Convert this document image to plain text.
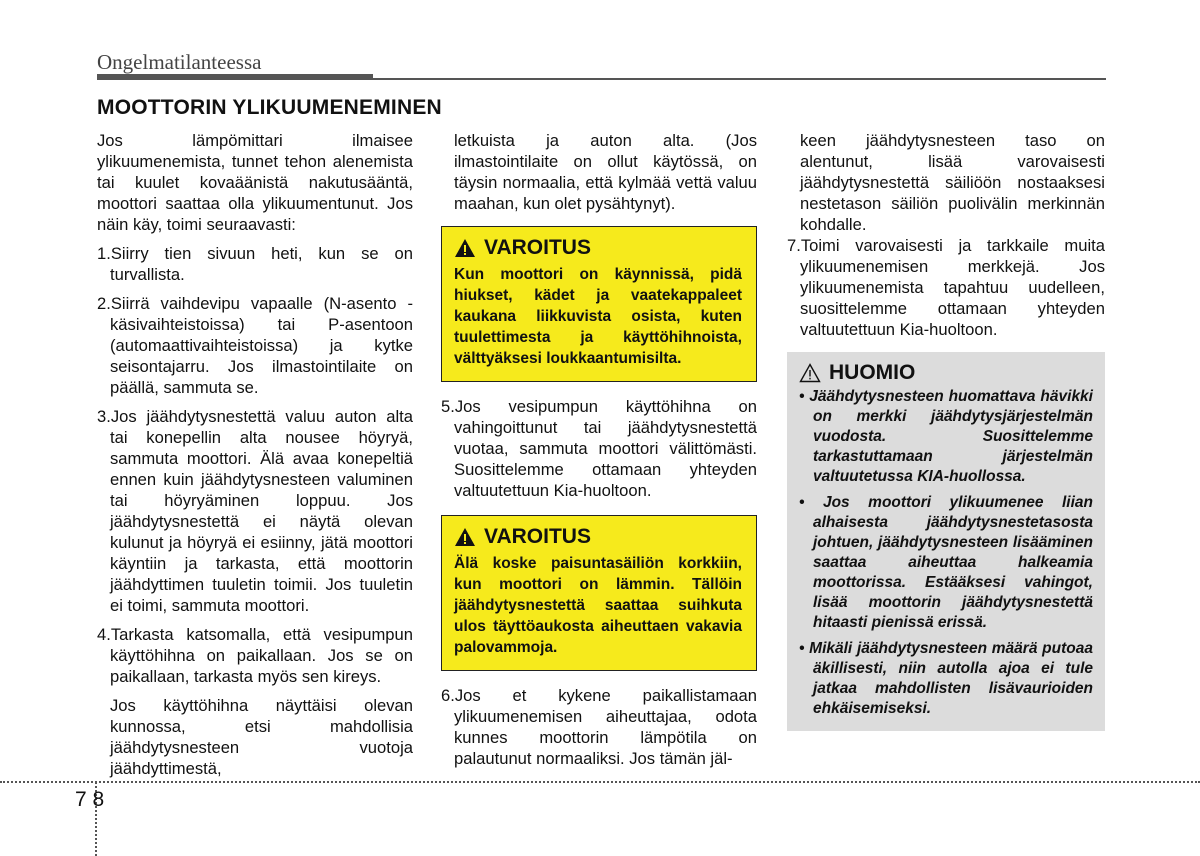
Ongelmatilanteessa
MOOTTORIN YLIKUUMENEMINEN

Jos lämpömittari ilmaisee ylikuumenemista, tunnet tehon alenemista tai kuulet kovaäänistä nakutusääntä, moottori saattaa olla ylikuumentunut. Jos näin käy, toimi seuraavasti:

1.Siirry tien sivuun heti, kun se on turvallista.

2.Siirrä vaihdevipu vapaalle (N-asento - käsivaihteistoissa) tai P-asentoon (automaattivaihteistoissa) ja kytke seisontajarru. Jos ilmastointilaite on päällä, sammuta se.

3.Jos jäähdytysnestettä valuu auton alta tai konepellin alta nousee höyryä, sammuta moottori. Älä avaa konepeltiä ennen kuin jäähdytysnesteen valuminen tai höyryäminen loppuu. Jos jäähdytysnestettä ei näytä olevan kulunut ja höyryä ei esiinny, jätä moottori käyntiin ja tarkasta, että moottorin jäähdyttimen tuuletin toimii. Jos tuuletin ei toimi, sammuta moottori.

4.Tarkasta katsomalla, että vesipumpun käyttöhihna on paikallaan. Jos se on paikallaan, tarkasta myös sen kireys.

Jos käyttöhihna näyttäisi olevan kunnossa, etsi mahdollisia jäähdytysnesteen vuotoja jäähdyttimestä,

letkuista ja auton alta. (Jos ilmastointilaite on ollut käytössä, on täysin normaalia, että kylmää vettä valuu maahan, kun olet pysähtynyt).

VAROITUS
Kun moottori on käynnissä, pidä hiukset, kädet ja vaatekappaleet kaukana liikkuvista osista, kuten tuulettimesta ja käyttöhihnoista, välttyäksesi loukkaantumisilta.

5.Jos vesipumpun käyttöhihna on vahingoittunut tai jäähdytysnestettä vuotaa, sammuta moottori välittömästi. Suosittelemme ottamaan yhteyden valtuutettuun Kia-huoltoon.

VAROITUS
Älä koske paisuntasäiliön korkkiin, kun moottori on lämmin. Tällöin jäähdytysnestettä saattaa suihkuta ulos täyttöaukosta aiheuttaen vakavia palovammoja.

6.Jos et kykene paikallistamaan ylikuumenemisen aiheuttajaa, odota kunnes moottorin lämpötila on palautunut normaaliksi. Jos tämän jäl-

keen jäähdytysnesteen taso on alentunut, lisää varovaisesti jäähdytysnestettä säiliöön nostaaksesi nestetason säiliön puolivälin merkinnän kohdalle.

7.Toimi varovaisesti ja tarkkaile muita ylikuumenemisen merkkejä. Jos ylikuumenemista tapahtuu uudelleen, suosittelemme ottamaan yhteyden valtuutettuun Kia-huoltoon.

HUOMIO

• Jäähdytysnesteen huomattava hävikki on merkki jäähdytysjärjestelmän vuodosta. Suosittelemme tarkastuttamaan järjestelmän valtuutetussa KIA-huollossa.

• Jos moottori ylikuumenee liian alhaisesta jäähdytysnestetasosta johtuen, jäähdytysnesteen lisääminen saattaa aiheuttaa halkeamia moottorissa. Estääksesi vahingot, lisää moottorin jäähdytysnestettä hitaasti pienissä erissä.

• Mikäli jäähdytysnesteen määrä putoaa äkillisesti, niin autolla ajoa ei tule jatkaa mahdollisten lisävaurioiden ehkäisemiseksi.

7 8
